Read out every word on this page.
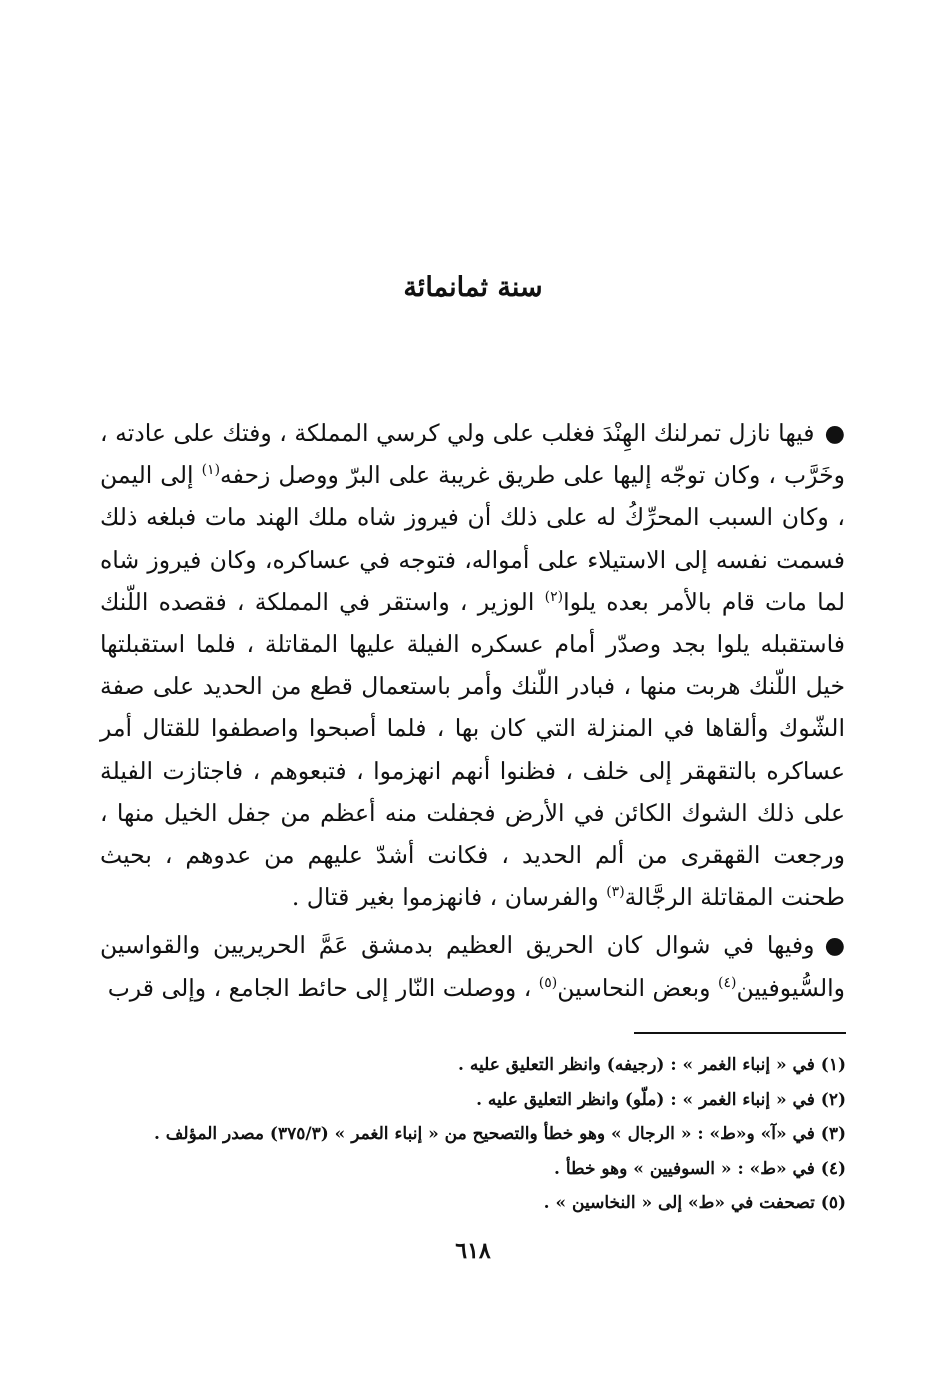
سنة ثمانمائة

●فيها نازل تمرلنك الهِنْدَ فغلب على ولي كرسي المملكة ، وفتك على عادته ، وخَرَّب ، وكان توجّه إليها على طريق غريبة على البرّ ووصل زحفه$^{(١)}$ إلى اليمن ، وكان السبب المحرِّكُ له على ذلك أن فيروز شاه ملك الهند مات فبلغه ذلك فسمت نفسه إلى الاستيلاء على أمواله، فتوجه في عساكره، وكان فيروز شاه لما مات قام بالأمر بعده يلوا$^{(٢)}$ الوزير ، واستقر في المملكة ، فقصده اللّنك فاستقبله يلوا بجد وصدّر أمام عسكره الفيلة عليها المقاتلة ، فلما استقبلتها خيل اللّنك هربت منها ، فبادر اللّنك وأمر باستعمال قطع من الحديد على صفة الشّوك وألقاها في المنزلة التي كان بها ، فلما أصبحوا واصطفوا للقتال أمر عساكره بالتقهقر إلى خلف ، فظنوا أنهم انهزموا ، فتبعوهم ، فاجتازت الفيلة على ذلك الشوك الكائن في الأرض فجفلت منه أعظم من جفل الخيل منها ، ورجعت القهقرى من ألم الحديد ، فكانت أشدّ عليهم من عدوهم ، بحيث طحنت المقاتلة الرجَّالة$^{(٣)}$ والفرسان ، فانهزموا بغير قتال .

●وفيها في شوال كان الحريق العظيم بدمشق عَمَّ الحريريين والقواسين والسُّيوفيين$^{(٤)}$ وبعض النحاسين$^{(٥)}$ ، ووصلت النّار إلى حائط الجامع ، وإلى قرب

(١) في « إنباء الغمر » : (رجيفه) وانظر التعليق عليه .
(٢) في « إنباء الغمر » : (ملّو) وانظر التعليق عليه .
(٣) في «آ» و«ط» : « الرجال » وهو خطأ والتصحيح من « إنباء الغمر » (٣٧٥/٣) مصدر المؤلف .
(٤) في «ط» : « السوفيين » وهو خطأ .
(٥) تصحفت في «ط» إلى « النخاسين » .
٦١٨
